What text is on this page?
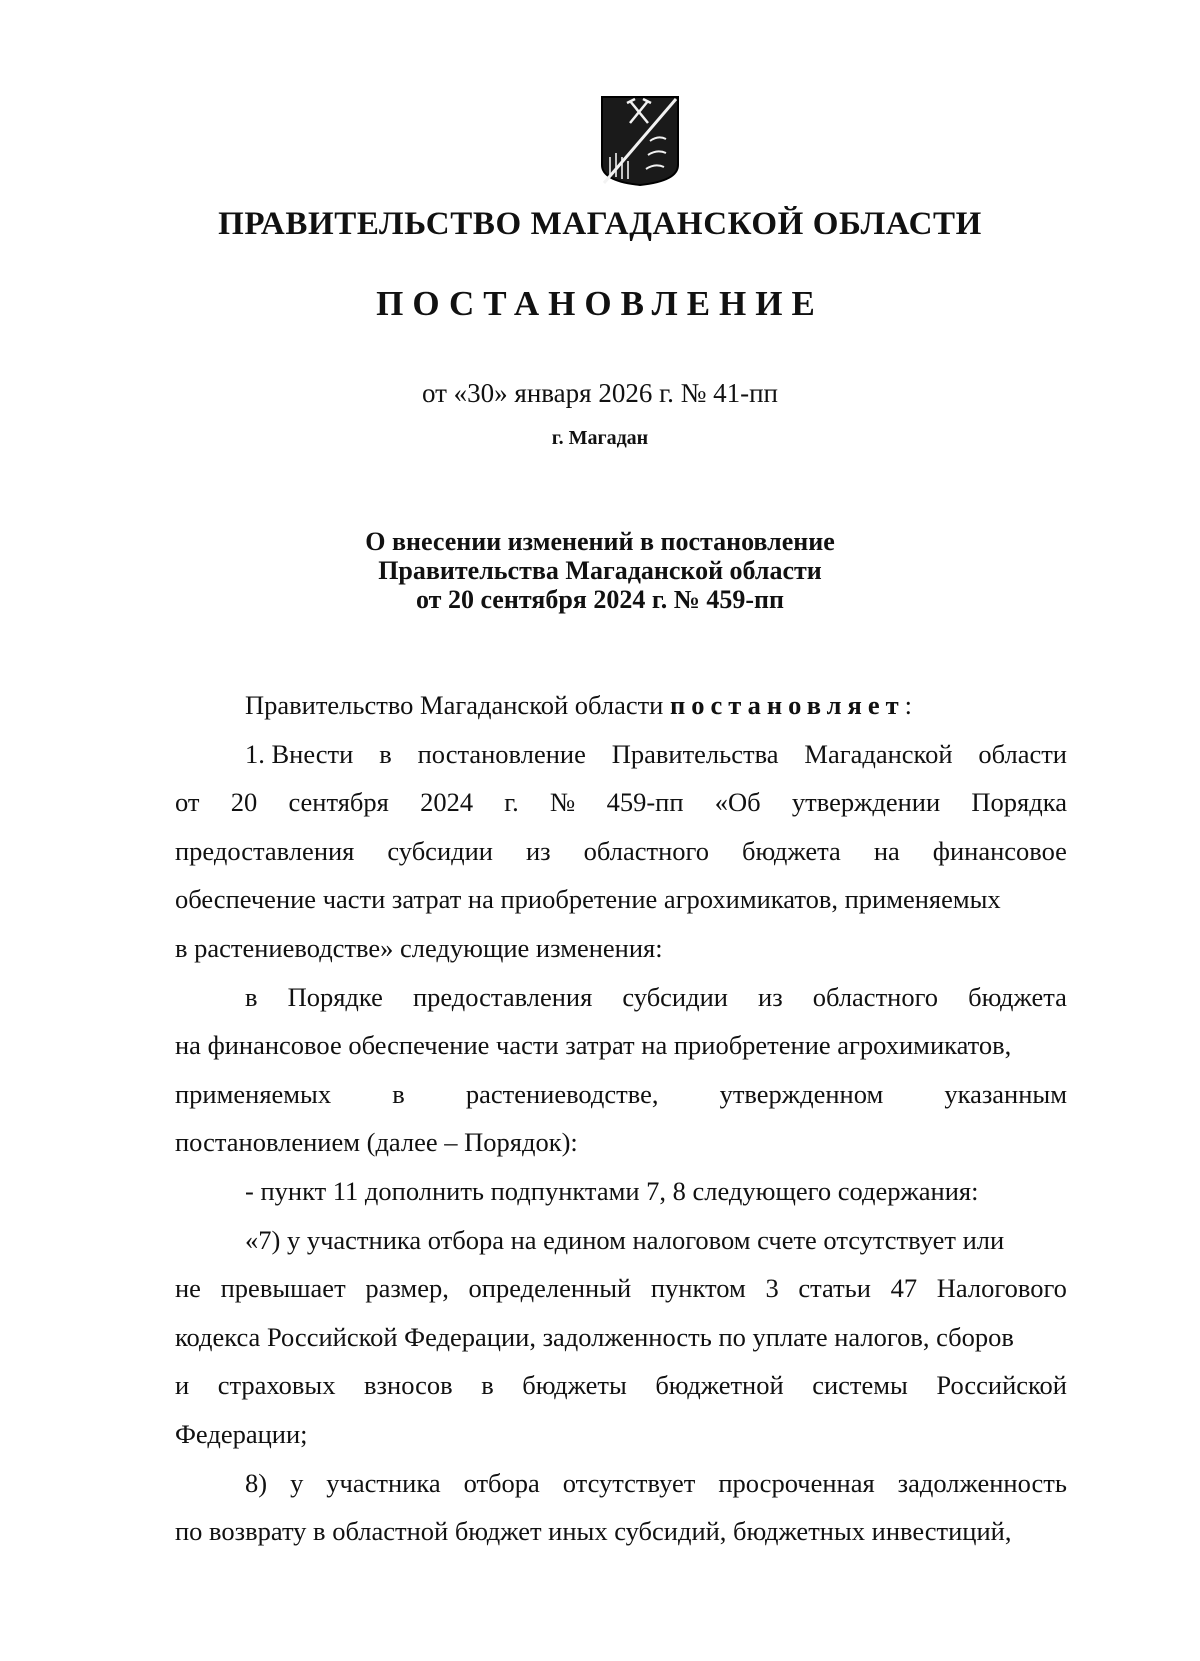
ПРАВИТЕЛЬСТВО МАГАДАНСКОЙ ОБЛАСТИ
ПОСТАНОВЛЕНИЕ
от «30» января 2026 г. № 41-пп
г. Магадан
О внесении изменений в постановление
Правительства Магаданской области
от 20 сентября 2024 г. № 459-пп
Правительство Магаданской области постановляет:
1. Внести в постановление Правительства Магаданской области
от 20 сентября 2024 г. № 459-пп «Об утверждении Порядка
предоставления субсидии из областного бюджета на финансовое
обеспечение части затрат на приобретение агрохимикатов, применяемых
в растениеводстве» следующие изменения:
в Порядке предоставления субсидии из областного бюджета
на финансовое обеспечение части затрат на приобретение агрохимикатов,
применяемых в растениеводстве, утвержденном указанным
постановлением (далее – Порядок):
- пункт 11 дополнить подпунктами 7, 8 следующего содержания:
«7) у участника отбора на едином налоговом счете отсутствует или
не превышает размер, определенный пунктом 3 статьи 47 Налогового
кодекса Российской Федерации, задолженность по уплате налогов, сборов
и страховых взносов в бюджеты бюджетной системы Российской
Федерации;
8) у участника отбора отсутствует просроченная задолженность
по возврату в областной бюджет иных субсидий, бюджетных инвестиций,
